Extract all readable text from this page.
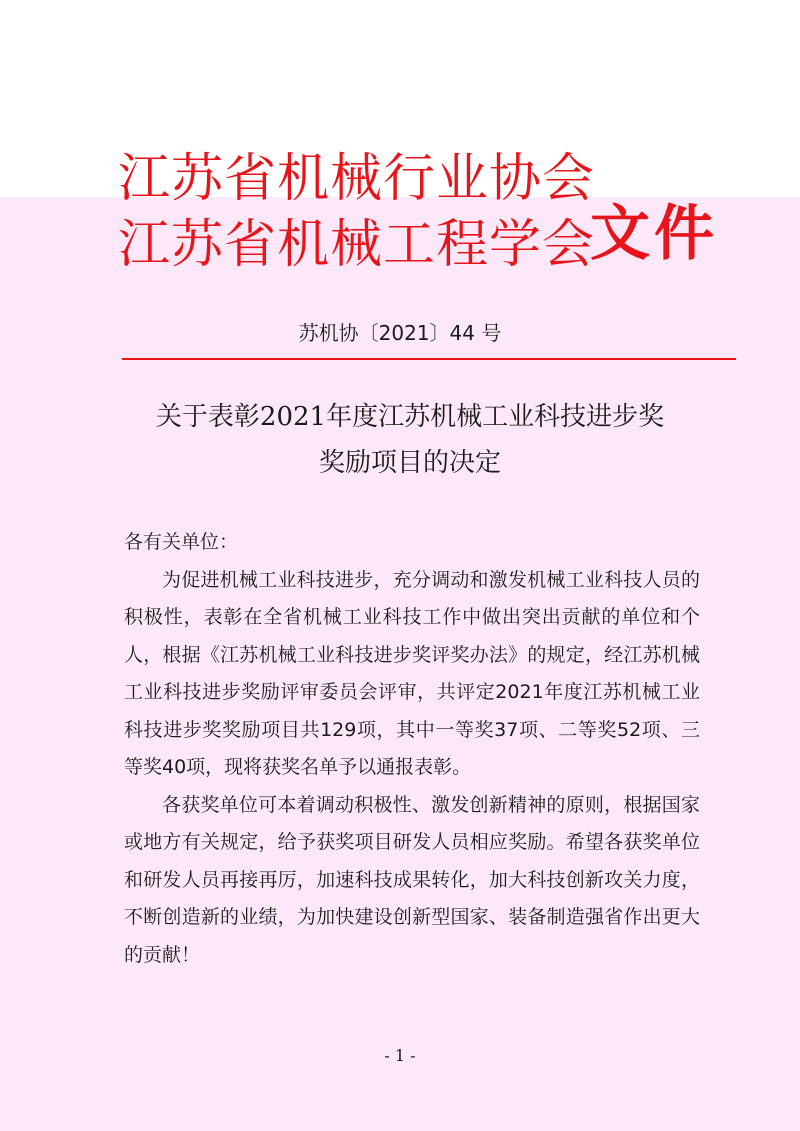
江苏省机械行业协会
江苏省机械工程学会
文件
苏机协〔2021〕44 号
关于表彰2021年度江苏机械工业科技进步奖
奖励项目的决定

各有关单位：

为促进机械工业科技进步，充分调动和激发机械工业科技人员的积极性，表彰在全省机械工业科技工作中做出突出贡献的单位和个人，根据《江苏机械工业科技进步奖评奖办法》的规定，经江苏机械工业科技进步奖励评审委员会评审，共评定2021年度江苏机械工业科技进步奖奖励项目共129项，其中一等奖37项、二等奖52项、三等奖40项，现将获奖名单予以通报表彰。

各获奖单位可本着调动积极性、激发创新精神的原则，根据国家或地方有关规定，给予获奖项目研发人员相应奖励。希望各获奖单位和研发人员再接再厉，加速科技成果转化，加大科技创新攻关力度，不断创造新的业绩，为加快建设创新型国家、装备制造强省作出更大的贡献！

- 1 -
